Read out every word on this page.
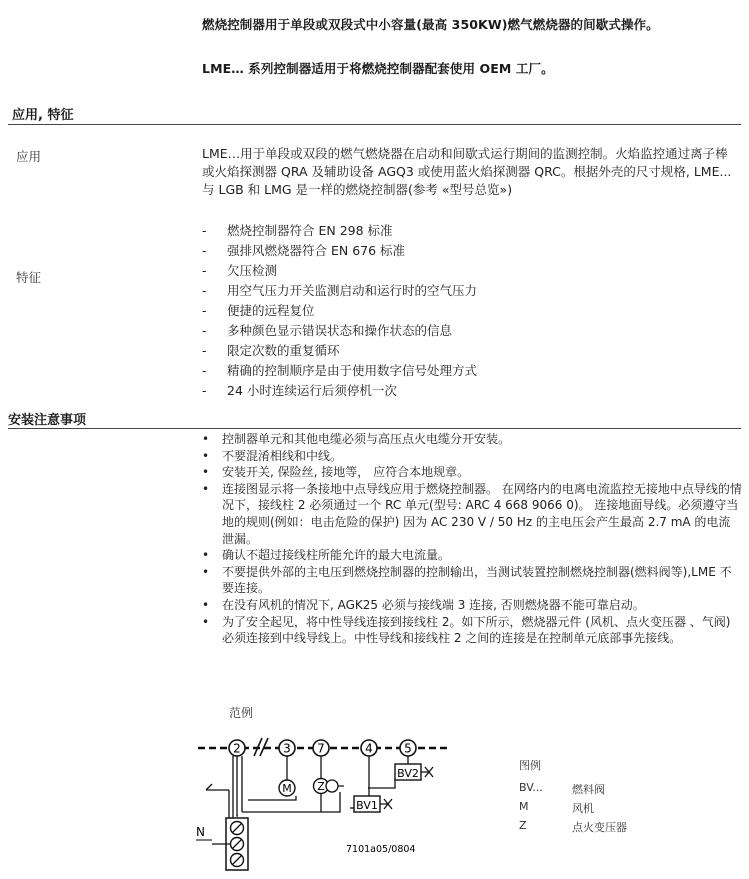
燃烧控制器用于单段或双段式中小容量(最高 350KW)燃气燃烧器的间歇式操作。
LME… 系列控制器适用于将燃烧控制器配套使用 OEM 工厂。
应用, 特征
应用	LME…用于单段或双段的燃气燃烧器在启动和间歇式运行期间的监测控制。火焰监控通过离子棒或火焰探测器 QRA 及辅助设备 AGQ3 或使用蓝火焰探测器 QRC。根据外壳的尺寸规格, LME... 与 LGB 和 LMG 是一样的燃烧控制器(参考 «型号总览»)
特征
- 燃烧控制器符合 EN 298 标准
- 强排风燃烧器符合 EN 676 标准
- 欠压检测
- 用空气压力开关监测启动和运行时的空气压力
- 便捷的远程复位
- 多种颜色显示错误状态和操作状态的信息
- 限定次数的重复循环
- 精确的控制顺序是由于使用数字信号处理方式
- 24 小时连续运行后须停机一次
安装注意事项
• 控制器单元和其他电缆必须与高压点火电缆分开安装。
• 不要混淆相线和中线。
• 安装开关, 保险丝, 接地等， 应符合本地规章。
• 连接图显示将一条接地中点导线应用于燃烧控制器。 在网络内的电离电流监控无接地中点导线的情况下，接线柱 2 必须通过一个 RC 单元(型号: ARC 4 668 9066 0)。 连接地面导线。必须遵守当地的规则(例如：电击危险的保护) 因为 AC 230 V / 50 Hz 的主电压会产生最高 2.7 mA 的电流泄漏。
• 确认不超过接线柱所能允许的最大电流量。
• 不要提供外部的主电压到燃烧控制器的控制输出，当测试装置控制燃烧控制器(燃料阀等),LME 不要连接。
• 在没有风机的情况下, AGK25 必须与接线端 3 连接, 否则燃烧器不能可靠启动。
• 为了安全起见，将中性导线连接到接线柱 2。如下所示，燃烧器元件 (风机、点火变压器 、气阀) 必须连接到中线导线上。中性导线和接线柱 2 之间的连接是在控制单元底部事先接线。
范例
2	3 7	4	5
M Z
BV1
BV2
N
7101a05/0804
图例
BV...	燃料阀
M	风机
Z	点火变压器
